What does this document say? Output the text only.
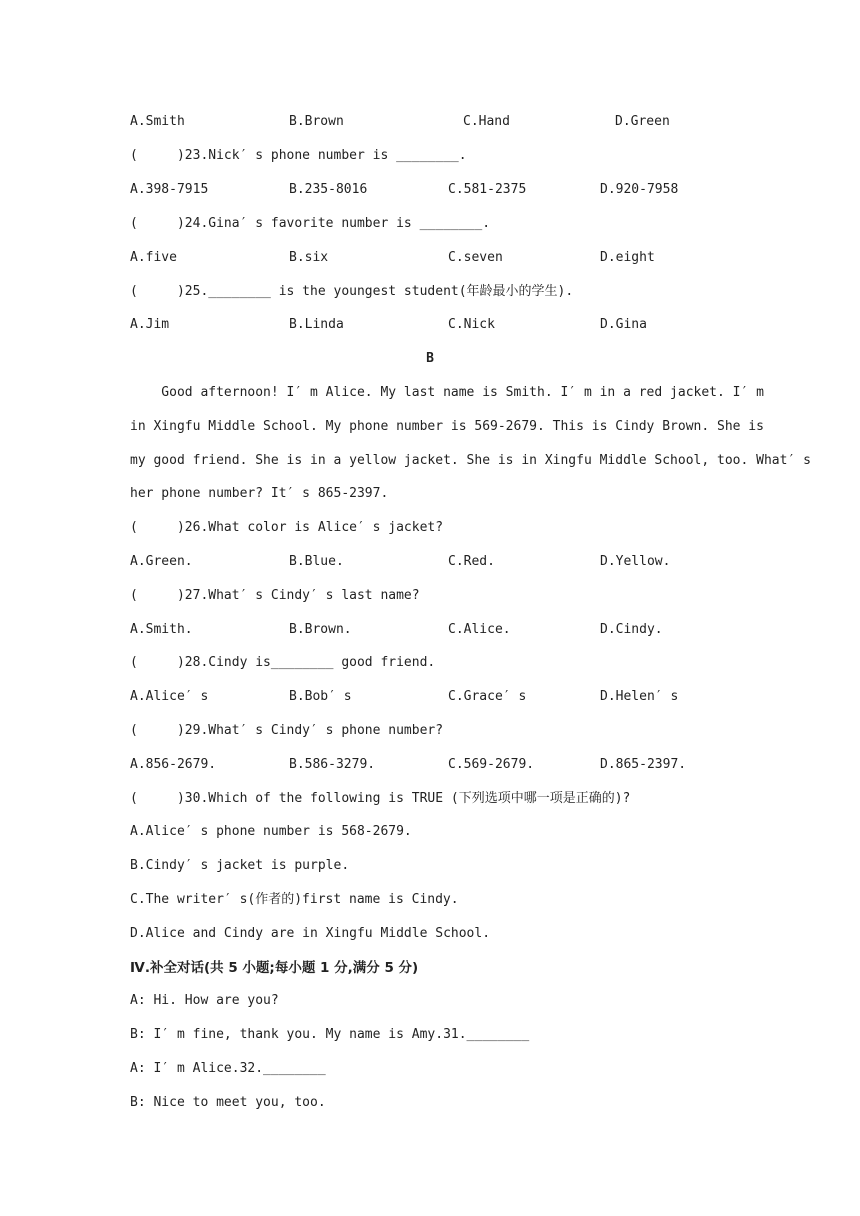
A.Smith	B.Brown	C.Hand	D.Green
(     )23.Nick′ s phone number is ________.
A.398-7915	B.235-8016	C.581-2375	D.920-7958
(     )24.Gina′ s favorite number is ________.
A.five	B.six	C.seven	D.eight
(     )25.________ is the youngest student(年龄最小的学生).
A.Jim	B.Linda	C.Nick	D.Gina
B
Good afternoon! I′ m Alice. My last name is Smith. I′ m in a red jacket. I′ m
in Xingfu Middle School. My phone number is 569-2679. This is Cindy Brown. She is
my good friend. She is in a yellow jacket. She is in Xingfu Middle School, too. What′ s
her phone number? It′ s 865-2397.
(     )26.What color is Alice′ s jacket?
A.Green.	B.Blue.	C.Red.	D.Yellow.
(     )27.What′ s Cindy′ s last name?
A.Smith.	B.Brown.	C.Alice.	D.Cindy.
(     )28.Cindy is________ good friend.
A.Alice′ s	B.Bob′ s	C.Grace′ s	D.Helen′ s
(     )29.What′ s Cindy′ s phone number?
A.856-2679.	B.586-3279.	C.569-2679.	D.865-2397.
(     )30.Which of the following is TRUE (下列选项中哪一项是正确的)?
A.Alice′ s phone number is 568-2679.
B.Cindy′ s jacket is purple.
C.The writer′ s(作者的)first name is Cindy.
D.Alice and Cindy are in Xingfu Middle School.
Ⅳ.补全对话(共 5 小题;每小题 1 分,满分 5 分)
A: Hi. How are you?
B: I′ m fine, thank you. My name is Amy.31.________
A: I′ m Alice.32.________
B: Nice to meet you, too.
